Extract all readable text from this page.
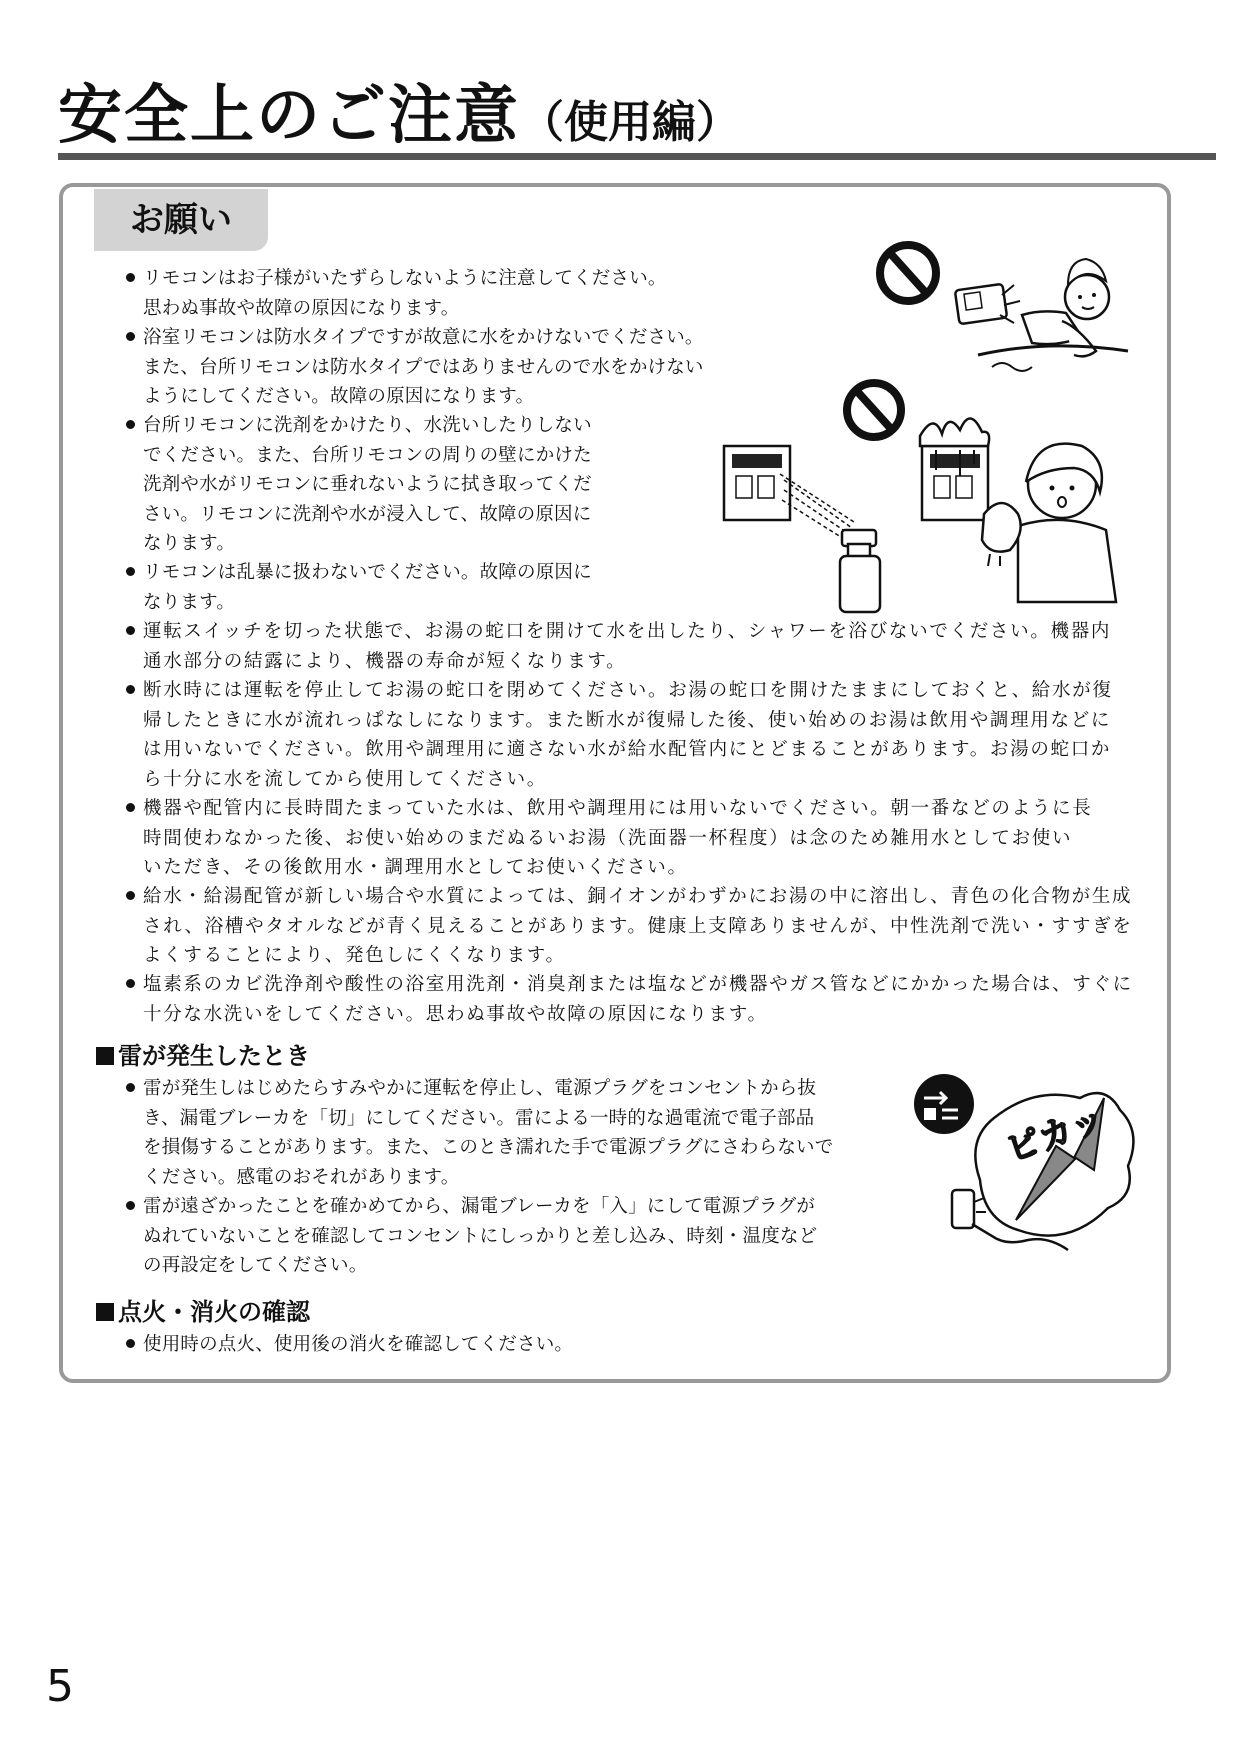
安全上のご注意（使用編）
お願い
リモコンはお子様がいたずらしないように注意してください。
思わぬ事故や故障の原因になります。
浴室リモコンは防水タイプですが故意に水をかけないでください。
また、台所リモコンは防水タイプではありませんので水をかけない
ようにしてください。故障の原因になります。
台所リモコンに洗剤をかけたり、水洗いしたりしない
でください。また、台所リモコンの周りの壁にかけた
洗剤や水がリモコンに垂れないように拭き取ってくだ
さい。リモコンに洗剤や水が浸入して、故障の原因に
なります。
リモコンは乱暴に扱わないでください。故障の原因に
なります。
運転スイッチを切った状態で、お湯の蛇口を開けて水を出したり、シャワーを浴びないでください。機器内
通水部分の結露により、機器の寿命が短くなります。
断水時には運転を停止してお湯の蛇口を閉めてください。お湯の蛇口を開けたままにしておくと、給水が復
帰したときに水が流れっぱなしになります。また断水が復帰した後、使い始めのお湯は飲用や調理用などに
は用いないでください。飲用や調理用に適さない水が給水配管内にとどまることがあります。お湯の蛇口か
ら十分に水を流してから使用してください。
機器や配管内に長時間たまっていた水は、飲用や調理用には用いないでください。朝一番などのように長
時間使わなかった後、お使い始めのまだぬるいお湯（洗面器一杯程度）は念のため雑用水としてお使い
いただき、その後飲用水・調理用水としてお使いください。
給水・給湯配管が新しい場合や水質によっては、銅イオンがわずかにお湯の中に溶出し、青色の化合物が生成
され、浴槽やタオルなどが青く見えることがあります。健康上支障ありませんが、中性洗剤で洗い・すすぎを
よくすることにより、発色しにくくなります。
塩素系のカビ洗浄剤や酸性の浴室用洗剤・消臭剤または塩などが機器やガス管などにかかった場合は、すぐに
十分な水洗いをしてください。思わぬ事故や故障の原因になります。
雷が発生したとき
雷が発生しはじめたらすみやかに運転を停止し、電源プラグをコンセントから抜
き、漏電ブレーカを「切」にしてください。雷による一時的な過電流で電子部品
を損傷することがあります。また、このとき濡れた手で電源プラグにさわらないで
ください。感電のおそれがあります。
雷が遠ざかったことを確かめてから、漏電ブレーカを「入」にして電源プラグが
ぬれていないことを確認してコンセントにしっかりと差し込み、時刻・温度など
の再設定をしてください。
点火・消火の確認
使用時の点火、使用後の消火を確認してください。
ピカッ
5
